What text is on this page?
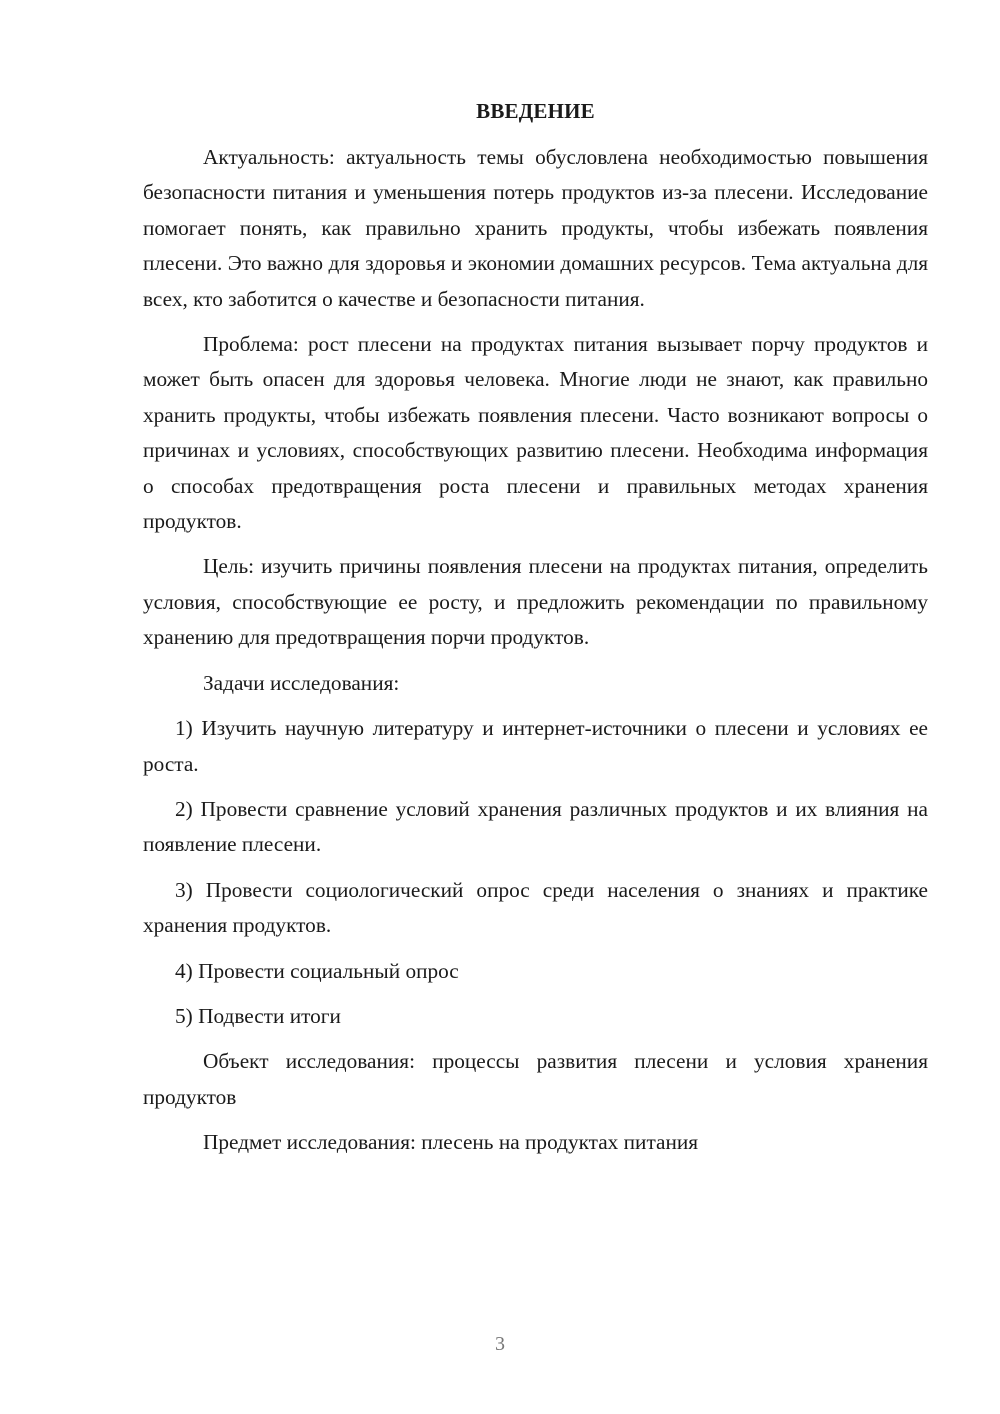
ВВЕДЕНИЕ

Актуальность: актуальность темы обусловлена необходимостью повышения безопасности питания и уменьшения потерь продуктов из-за плесени. Исследование помогает понять, как правильно хранить продукты, чтобы избежать появления плесени. Это важно для здоровья и экономии домашних ресурсов. Тема актуальна для всех, кто заботится о качестве и безопасности питания.

Проблема: рост плесени на продуктах питания вызывает порчу продуктов и может быть опасен для здоровья человека. Многие люди не знают, как правильно хранить продукты, чтобы избежать появления плесени. Часто возникают вопросы о причинах и условиях, способствующих развитию плесени. Необходима информация о способах предотвращения роста плесени и правильных методах хранения продуктов.

Цель: изучить причины появления плесени на продуктах питания, определить условия, способствующие ее росту, и предложить рекомендации по правильному хранению для предотвращения порчи продуктов.

Задачи исследования:

1) Изучить научную литературу и интернет-источники о плесени и условиях ее роста.

2) Провести сравнение условий хранения различных продуктов и их влияния на появление плесени.

3) Провести социологический опрос среди населения о знаниях и практике хранения продуктов.

4) Провести социальный опрос

5) Подвести итоги

Объект исследования: процессы развития плесени и условия хранения продуктов

Предмет исследования: плесень на продуктах питания

3
